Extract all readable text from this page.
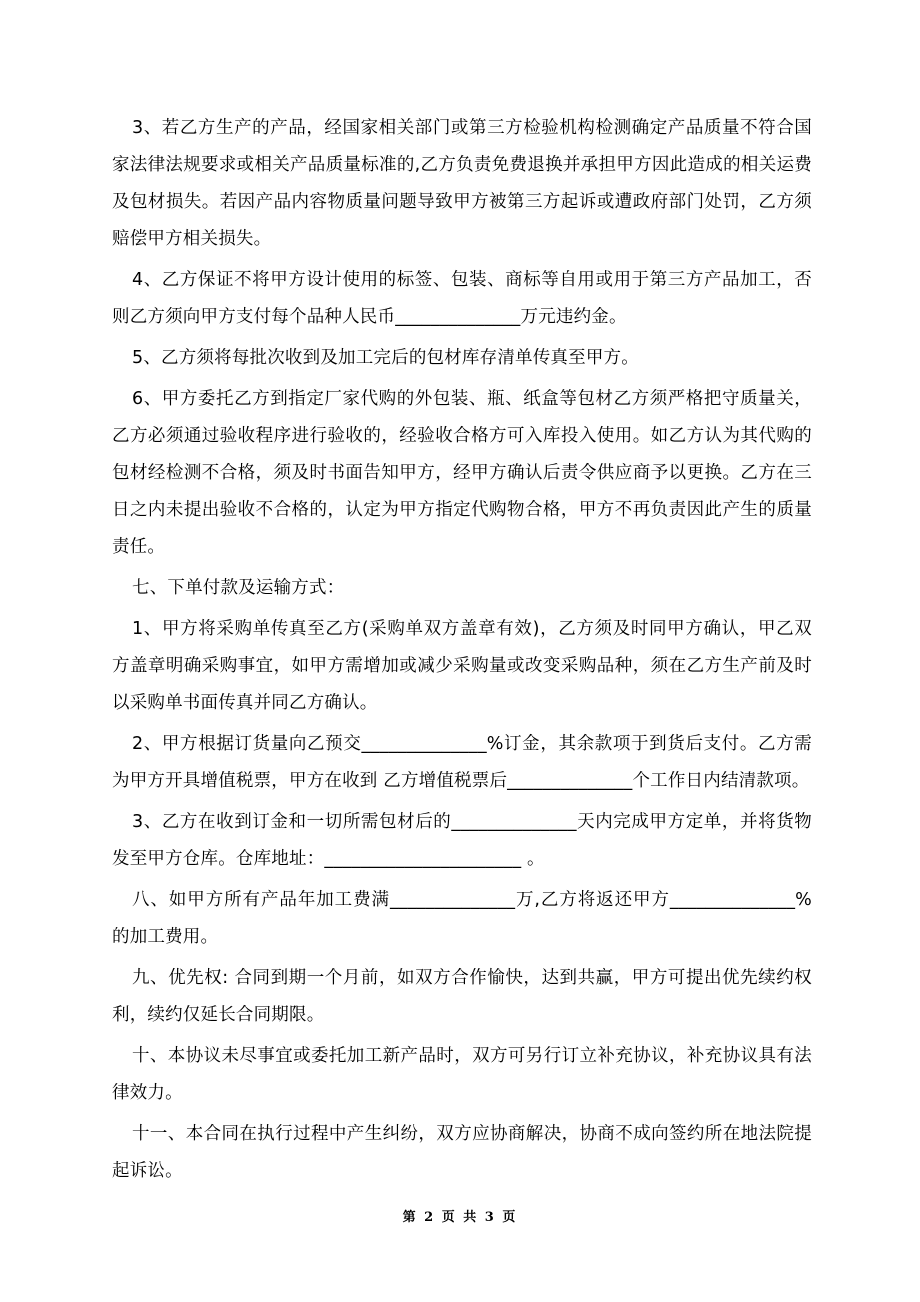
3、若乙方生产的产品，经国家相关部门或第三方检验机构检测确定产品质量不符合国家法律法规要求或相关产品质量标准的,乙方负责免费退换并承担甲方因此造成的相关运费及包材损失。若因产品内容物质量问题导致甲方被第三方起诉或遭政府部门处罚，乙方须赔偿甲方相关损失。

4、乙方保证不将甲方设计使用的标签、包装、商标等自用或用于第三方产品加工，否则乙方须向甲方支付每个品种人民币______________万元违约金。

5、乙方须将每批次收到及加工完后的包材库存清单传真至甲方。

6、甲方委托乙方到指定厂家代购的外包装、瓶、纸盒等包材乙方须严格把守质量关，乙方必须通过验收程序进行验收的，经验收合格方可入库投入使用。如乙方认为其代购的包材经检测不合格，须及时书面告知甲方，经甲方确认后责令供应商予以更换。乙方在三日之内未提出验收不合格的，认定为甲方指定代购物合格，甲方不再负责因此产生的质量责任。

七、下单付款及运输方式：

1、甲方将采购单传真至乙方(采购单双方盖章有效)，乙方须及时同甲方确认，甲乙双方盖章明确采购事宜，如甲方需增加或减少采购量或改变采购品种，须在乙方生产前及时以采购单书面传真并同乙方确认。

2、甲方根据订货量向乙预交______________%订金，其余款项于到货后支付。乙方需为甲方开具增值税票，甲方在收到 乙方增值税票后______________个工作日内结清款项。

3、乙方在收到订金和一切所需包材后的______________天内完成甲方定单，并将货物发至甲方仓库。仓库地址：______________________ 。

八、如甲方所有产品年加工费满______________万,乙方将返还甲方______________%的加工费用。

九、优先权: 合同到期一个月前，如双方合作愉快，达到共赢，甲方可提出优先续约权利，续约仅延长合同期限。

十、本协议未尽事宜或委托加工新产品时，双方可另行订立补充协议，补充协议具有法律效力。

十一、本合同在执行过程中产生纠纷，双方应协商解决，协商不成向签约所在地法院提起诉讼。

第 2 页 共 3 页
